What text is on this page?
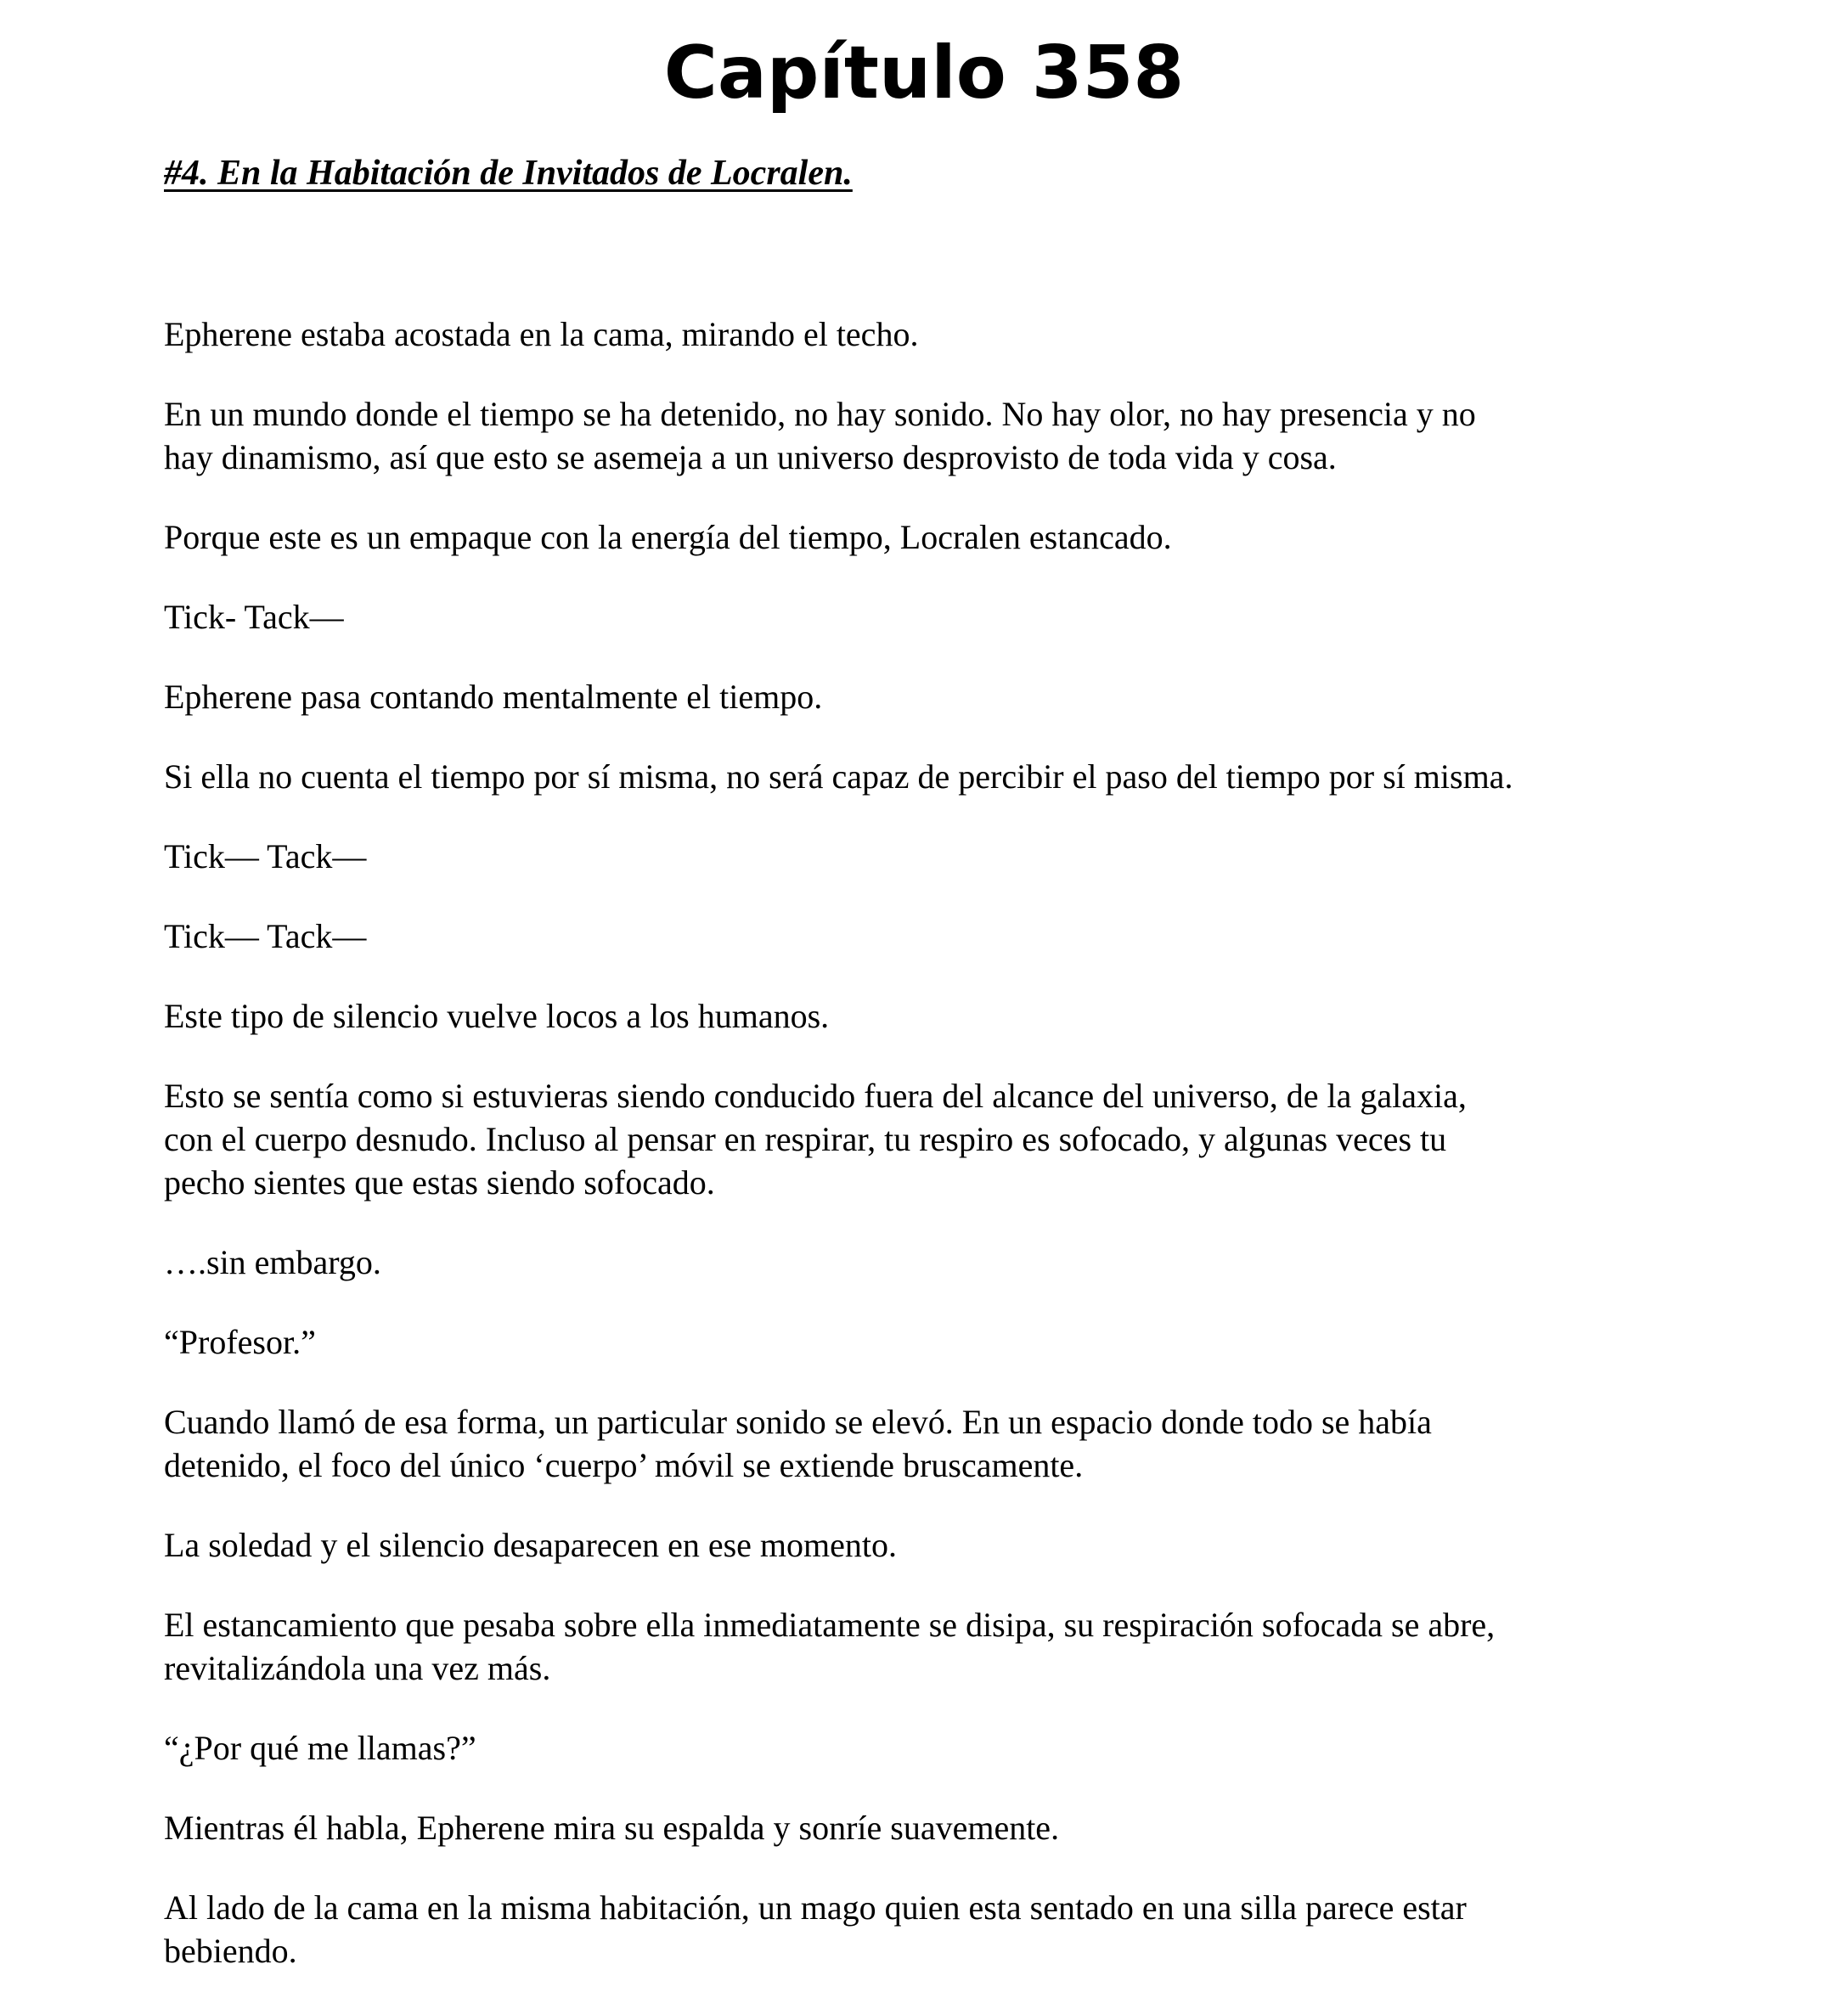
Capítulo 358
#4. En la Habitación de Invitados de Locralen.

Epherene estaba acostada en la cama, mirando el techo.

En un mundo donde el tiempo se ha detenido, no hay sonido. No hay olor, no hay presencia y no
hay dinamismo, así que esto se asemeja a un universo desprovisto de toda vida y cosa.

Porque este es un empaque con la energía del tiempo, Locralen estancado.

Tick- Tack—

Epherene pasa contando mentalmente el tiempo.

Si ella no cuenta el tiempo por sí misma, no será capaz de percibir el paso del tiempo por sí misma.

Tick— Tack—

Tick— Tack—

Este tipo de silencio vuelve locos a los humanos.

Esto se sentía como si estuvieras siendo conducido fuera del alcance del universo, de la galaxia,
con el cuerpo desnudo. Incluso al pensar en respirar, tu respiro es sofocado, y algunas veces tu
pecho sientes que estas siendo sofocado.

….sin embargo.

“Profesor.”

Cuando llamó de esa forma, un particular sonido se elevó. En un espacio donde todo se había
detenido, el foco del único ‘cuerpo’ móvil se extiende bruscamente.

La soledad y el silencio desaparecen en ese momento.

El estancamiento que pesaba sobre ella inmediatamente se disipa, su respiración sofocada se abre,
revitalizándola una vez más.

“¿Por qué me llamas?”

Mientras él habla, Epherene mira su espalda y sonríe suavemente.

Al lado de la cama en la misma habitación, un mago quien esta sentado en una silla parece estar
bebiendo.
